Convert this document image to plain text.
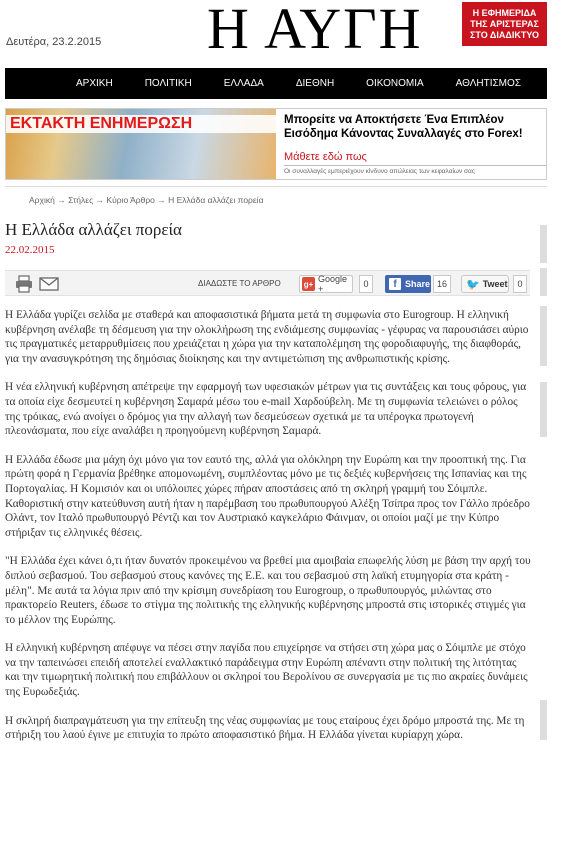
Δευτέρα, 23.2.2015 Η ΑΥΓΗ	Η ΕΦΗΜΕΡΙΔΑ
ΤΗΣ ΑΡΙΣΤΕΡΑΣ
ΣΤΟ ΔΙΑΔΙΚΤΥΟ
ΑΡΧΙΚΗ	ΠΟΛΙΤΙΚΗ	ΕΛΛΑΔΑ	ΔΙΕΘΝΗ	ΟΙΚΟΝΟΜΙΑ	ΑΘΛΗΤΙΣΜΟΣ	ΠΕΡ
ΕΚΤΑΚΤΗ ΕΝΗΜΕΡΩΣΗ	Μπορείτε να Αποκτήσετε Ένα Επιπλέον Εισόδημα Κάνοντας Συναλλαγές στο Forex!
Μάθετε εδώ πως
Οι συναλλαγές εμπεριέχουν κίνδυνο απώλειας των κεφαλαίων σας
Αρχική → Στήλες → Κύριο Άρθρο → Η Ελλάδα αλλάζει πορεία
Η Ελλάδα αλλάζει πορεία
22.02.2015
ΔΙΑΔΩΣΤΕ ΤΟ ΑΡΘΡΟ	g+ Google +	0	f Share 16	🐦 Tweet	0

Η Ελλάδα γυρίζει σελίδα με σταθερά και αποφασιστικά βήματα μετά τη συμφωνία στο Eurogroup. Η ελληνική κυβέρνηση ανέλαβε τη δέσμευση για την ολοκλήρωση της ενδιάμεσης συμφωνίας - γέφυρας να παρουσιάσει αύριο τις πραγματικές μεταρρυθμίσεις που χρειάζεται η χώρα για την καταπολέμηση της φοροδιαφυγής, της διαφθοράς, για την ανασυγκρότηση της δημόσιας διοίκησης και την αντιμετώπιση της ανθρωπιστικής κρίσης.

Η νέα ελληνική κυβέρνηση απέτρεψε την εφαρμογή των υφεσιακών μέτρων για τις συντάξεις και τους φόρους, για τα οποία είχε δεσμευτεί η κυβέρνηση Σαμαρά μέσω του e-mail Χαρδούβελη. Με τη συμφωνία τελειώνει ο ρόλος της τρόικας, ενώ ανοίγει ο δρόμος για την αλλαγή των δεσμεύσεων σχετικά με τα υπέρογκα πρωτογενή πλεονάσματα, που είχε αναλάβει η προηγούμενη κυβέρνηση Σαμαρά.

Η Ελλάδα έδωσε μια μάχη όχι μόνο για τον εαυτό της, αλλά για ολόκληρη την Ευρώπη και την προοπτική της. Για πρώτη φορά η Γερμανία βρέθηκε απομονωμένη, συμπλέοντας μόνο με τις δεξιές κυβερνήσεις της Ισπανίας και της Πορτογαλίας. Η Κομισιόν και οι υπόλοιπες χώρες πήραν αποστάσεις από τη σκληρή γραμμή του Σόιμπλε. Καθοριστική στην κατεύθυνση αυτή ήταν η παρέμβαση του πρωθυπουργού Αλέξη Τσίπρα προς τον Γάλλο πρόεδρο Ολάντ, τον Ιταλό πρωθυπουργό Ρέντζι και τον Αυστριακό καγκελάριο Φάινμαν, οι οποίοι μαζί με την Κύπρο στήριξαν τις ελληνικές θέσεις.

"Η Ελλάδα έχει κάνει ό,τι ήταν δυνατόν προκειμένου να βρεθεί μια αμοιβαία επωφελής λύση με βάση την αρχή του διπλού σεβασμού. Του σεβασμού στους κανόνες της Ε.Ε. και του σεβασμού στη λαϊκή ετυμηγορία στα κράτη - μέλη". Με αυτά τα λόγια πριν από την κρίσιμη συνεδρίαση του Eurogroup, ο πρωθυπουργός, μιλώντας στο πρακτορείο Reuters, έδωσε το στίγμα της πολιτικής της ελληνικής κυβέρνησης μπροστά στις ιστορικές στιγμές για το μέλλον της Ευρώπης.

Η ελληνική κυβέρνηση απέφυγε να πέσει στην παγίδα που επιχείρησε να στήσει στη χώρα μας ο Σόιμπλε με στόχο να την ταπεινώσει επειδή αποτελεί εναλλακτικό παράδειγμα στην Ευρώπη απέναντι στην πολιτική της λιτότητας και την τιμωρητική πολιτική που επιβάλλουν οι σκληροί του Βερολίνου σε συνεργασία με τις πιο ακραίες δυνάμεις της Ευρωδεξιάς.

Η σκληρή διαπραγμάτευση για την επίτευξη της νέας συμφωνίας με τους εταίρους έχει δρόμο μπροστά της. Με τη στήριξη του λαού έγινε με επιτυχία το πρώτο αποφασιστικό βήμα. Η Ελλάδα γίνεται κυρίαρχη χώρα.
